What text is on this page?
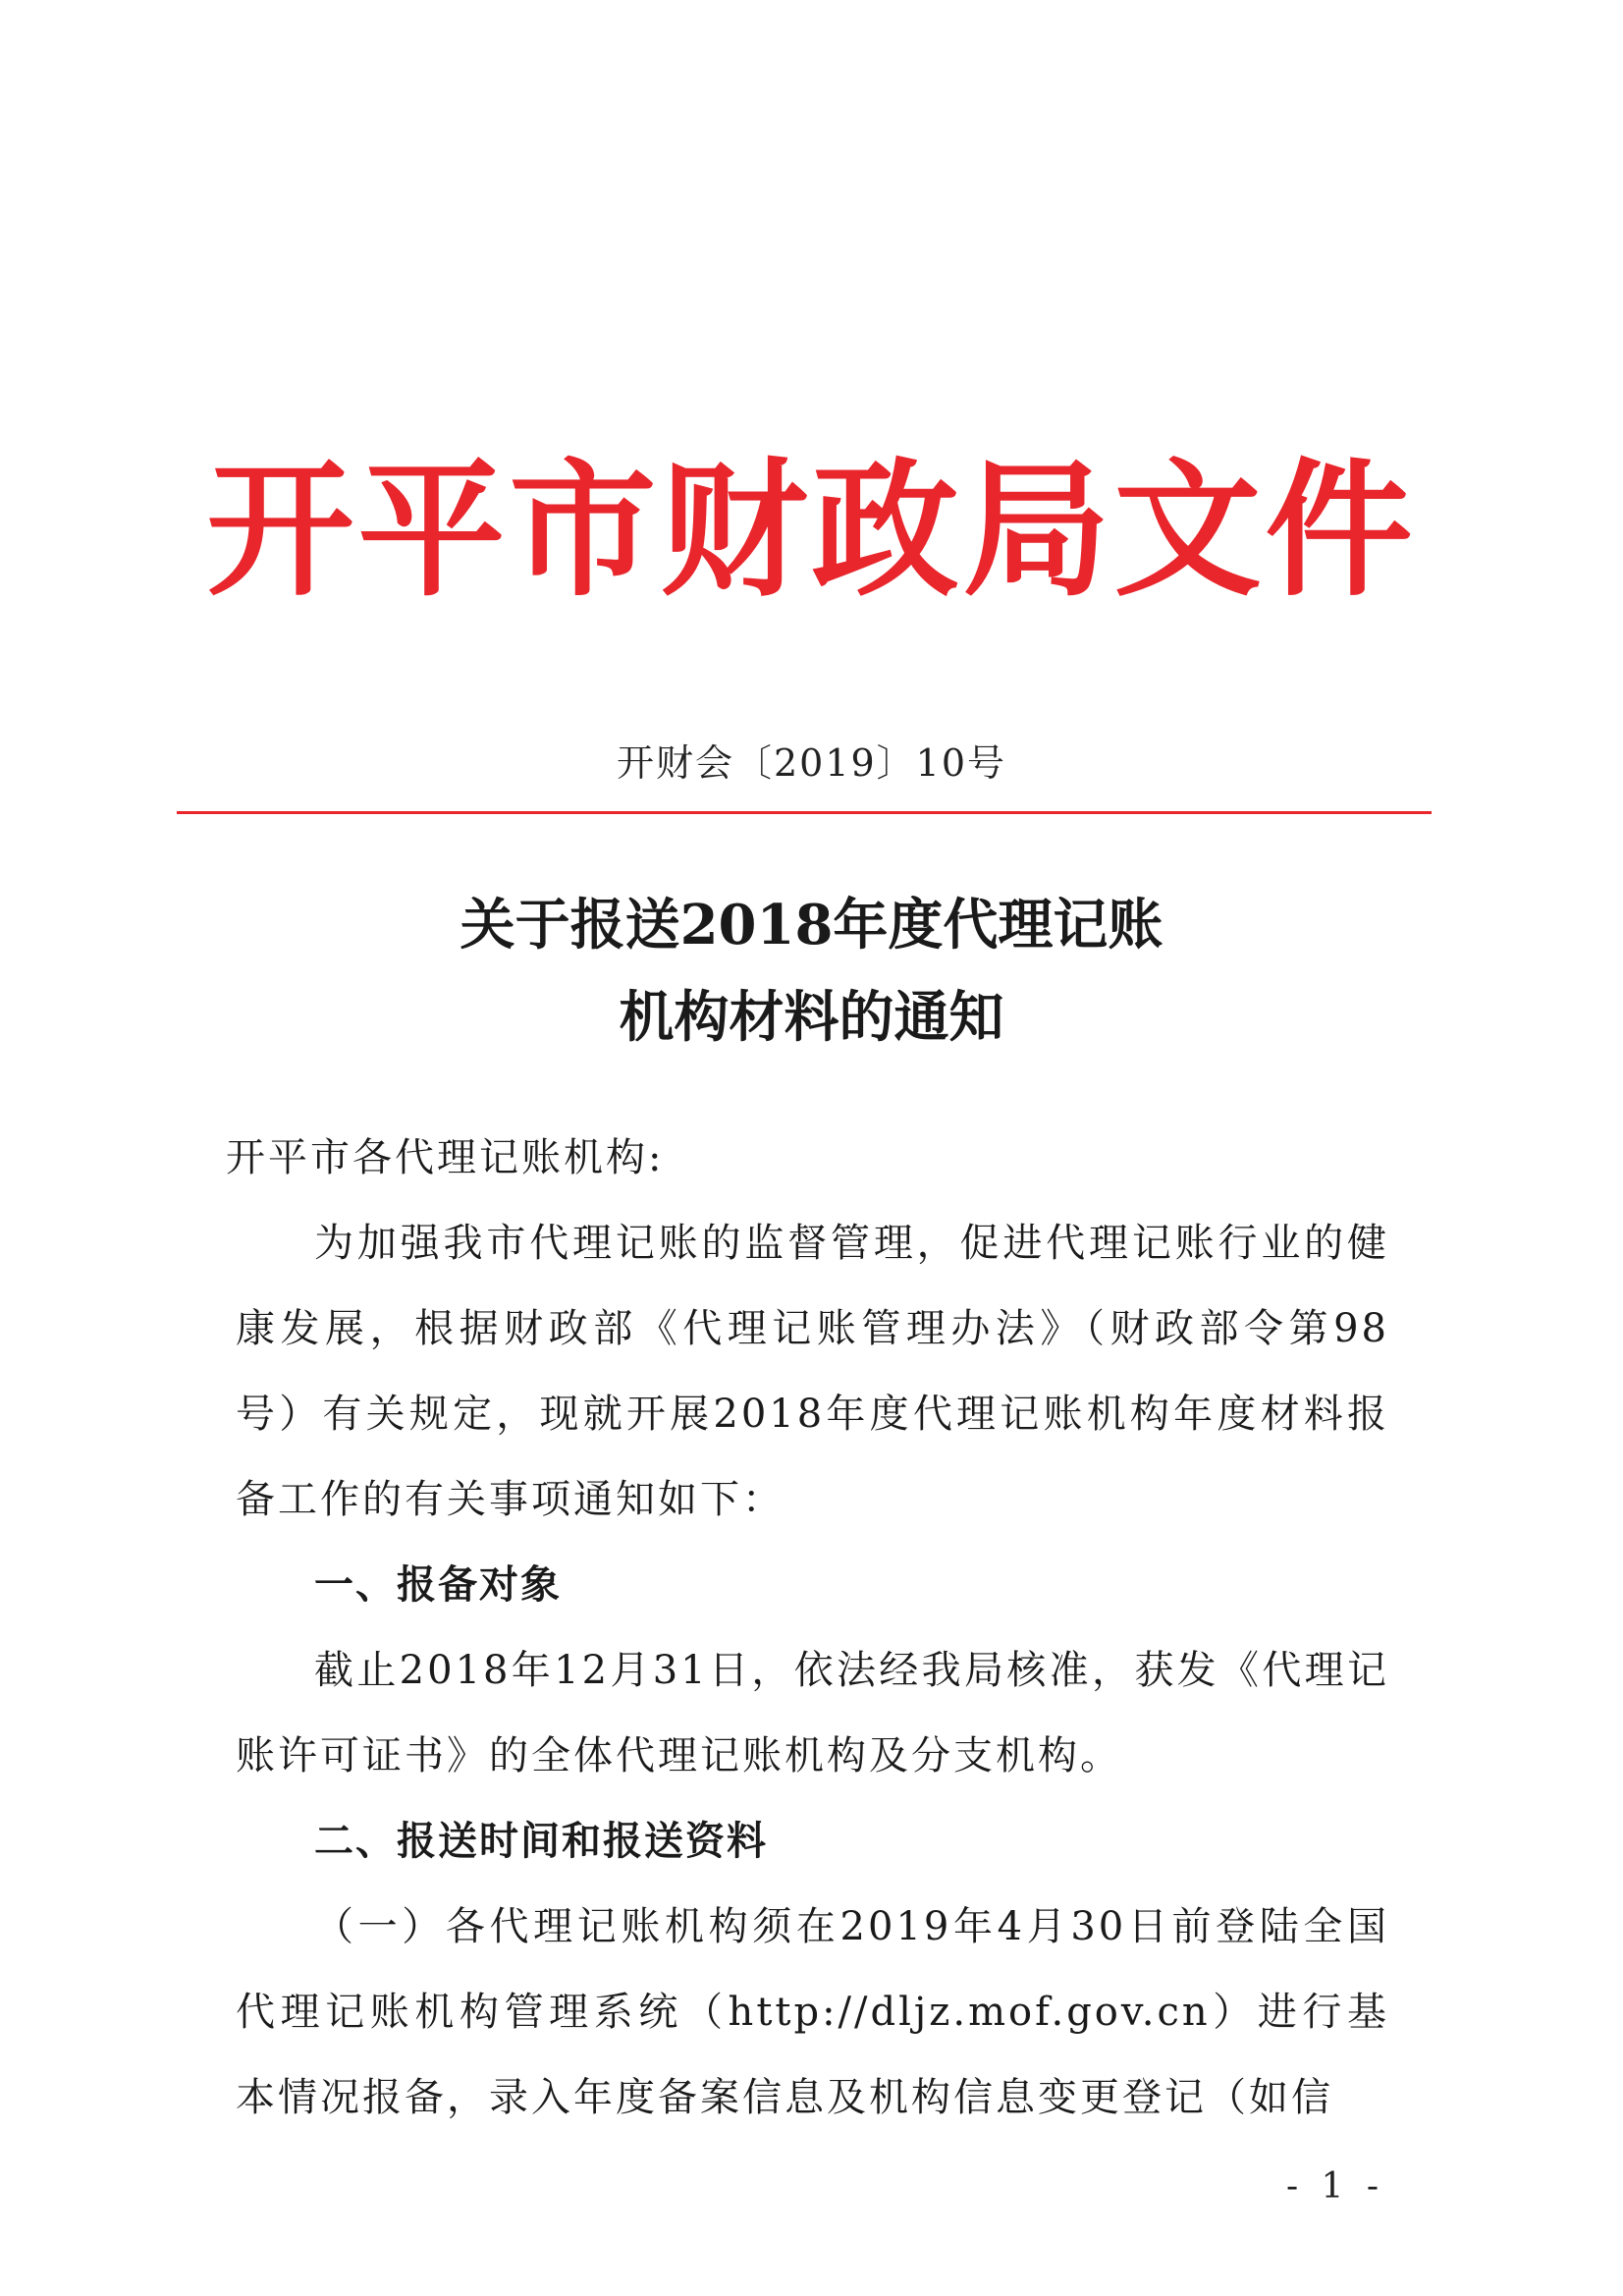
开平市财政局文件
开财会〔2019〕10号
关于报送2018年度代理记账
机构材料的通知

开平市各代理记账机构:

为加强我市代理记账的监督管理，促进代理记账行业的健康发展，根据财政部《代理记账管理办法》（财政部令第98号）有关规定，现就开展2018年度代理记账机构年度材料报备工作的有关事项通知如下：

一、报备对象

截止2018年12月31日，依法经我局核准，获发《代理记账许可证书》的全体代理记账机构及分支机构。

二、报送时间和报送资料

（一）各代理记账机构须在2019年4月30日前登陆全国代理记账机构管理系统（http://dljz.mof.gov.cn）进行基本情况报备，录入年度备案信息及机构信息变更登记（如信

- 1 -
